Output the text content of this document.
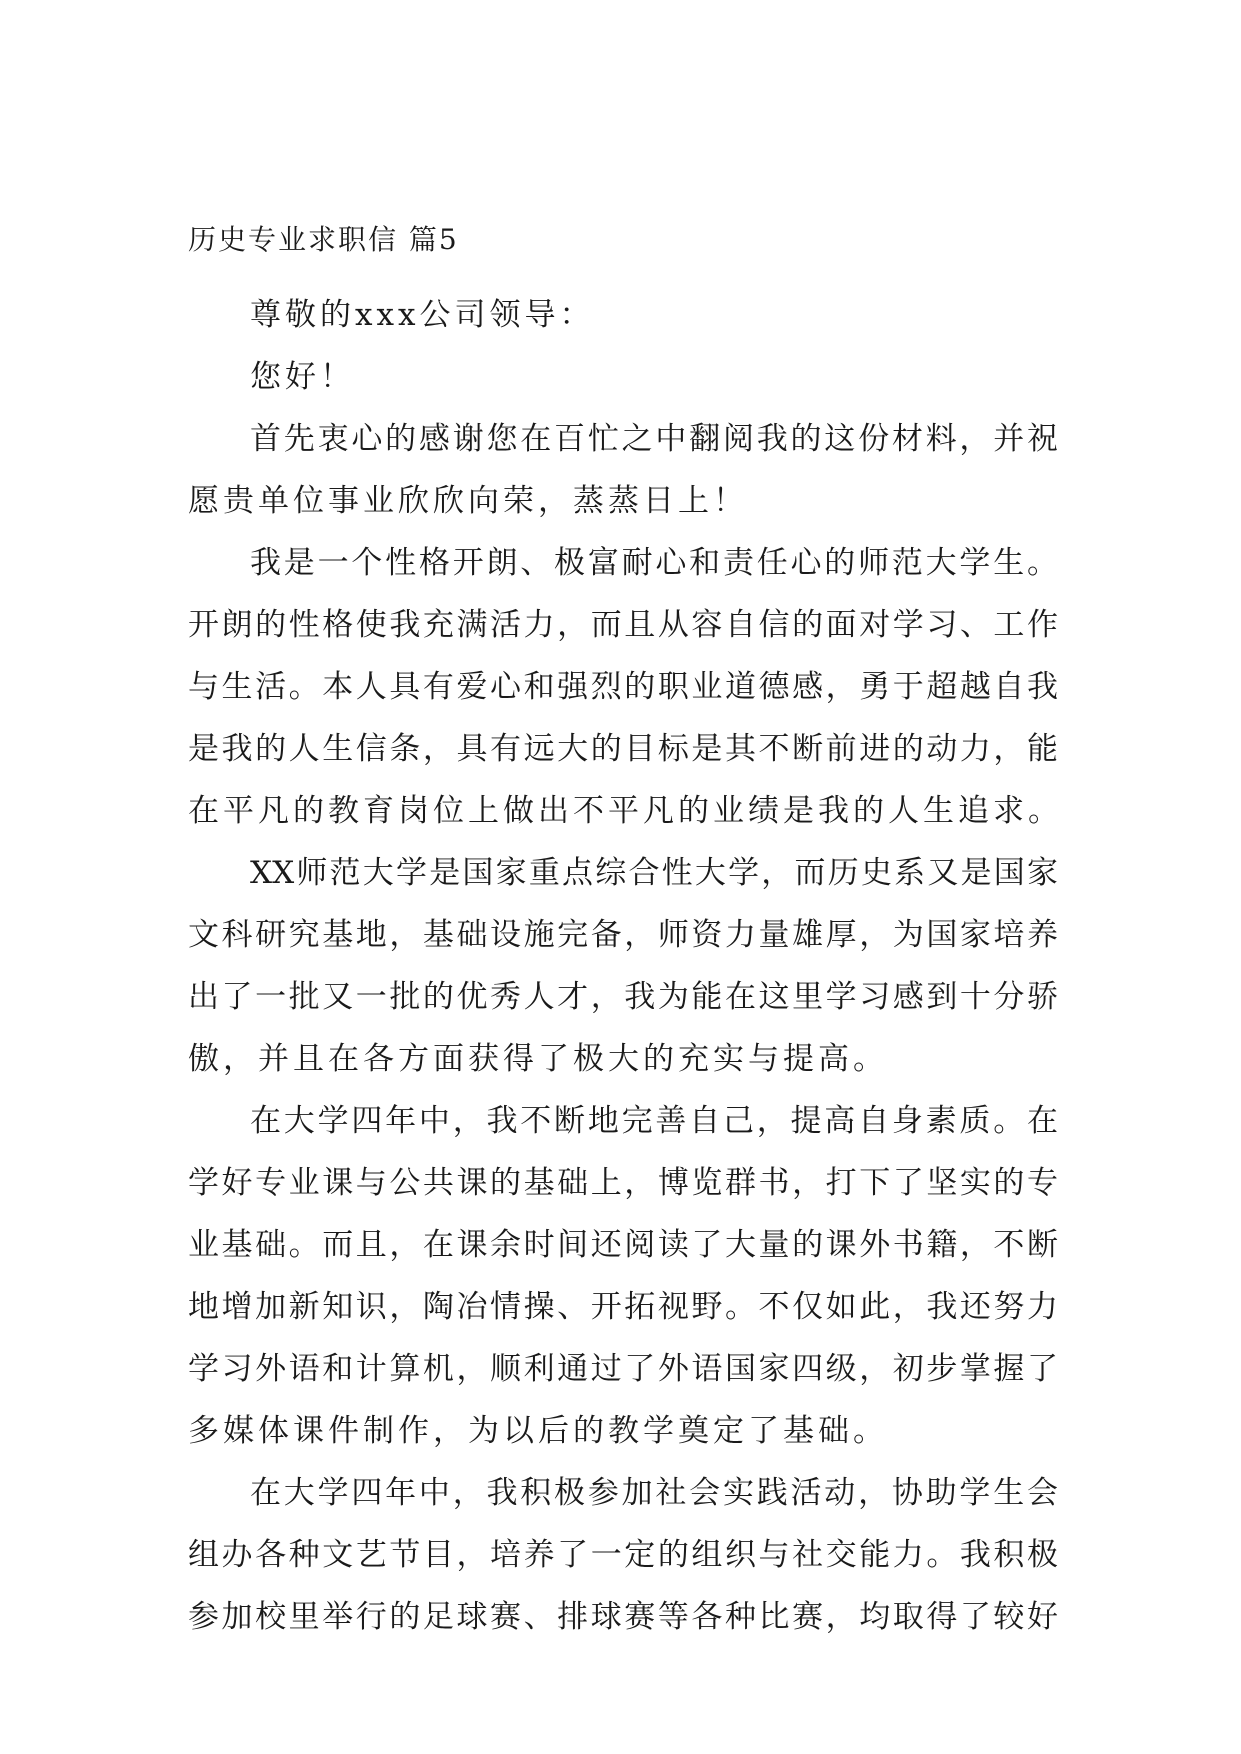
历史专业求职信 篇5

尊敬的xxx公司领导：

您好！

首先衷心的感谢您在百忙之中翻阅我的这份材料，并祝
愿贵单位事业欣欣向荣，蒸蒸日上！

我是一个性格开朗、极富耐心和责任心的师范大学生。
开朗的性格使我充满活力，而且从容自信的面对学习、工作
与生活。本人具有爱心和强烈的职业道德感，勇于超越自我
是我的人生信条，具有远大的目标是其不断前进的动力，能
在平凡的教育岗位上做出不平凡的业绩是我的人生追求。

XX师范大学是国家重点综合性大学，而历史系又是国家
文科研究基地，基础设施完备，师资力量雄厚，为国家培养
出了一批又一批的优秀人才，我为能在这里学习感到十分骄
傲，并且在各方面获得了极大的充实与提高。

在大学四年中，我不断地完善自己，提高自身素质。在
学好专业课与公共课的基础上，博览群书，打下了坚实的专
业基础。而且，在课余时间还阅读了大量的课外书籍，不断
地增加新知识，陶冶情操、开拓视野。不仅如此，我还努力
学习外语和计算机，顺利通过了外语国家四级，初步掌握了
多媒体课件制作，为以后的教学奠定了基础。

在大学四年中，我积极参加社会实践活动，协助学生会
组办各种文艺节目，培养了一定的组织与社交能力。我积极
参加校里举行的足球赛、排球赛等各种比赛，均取得了较好
